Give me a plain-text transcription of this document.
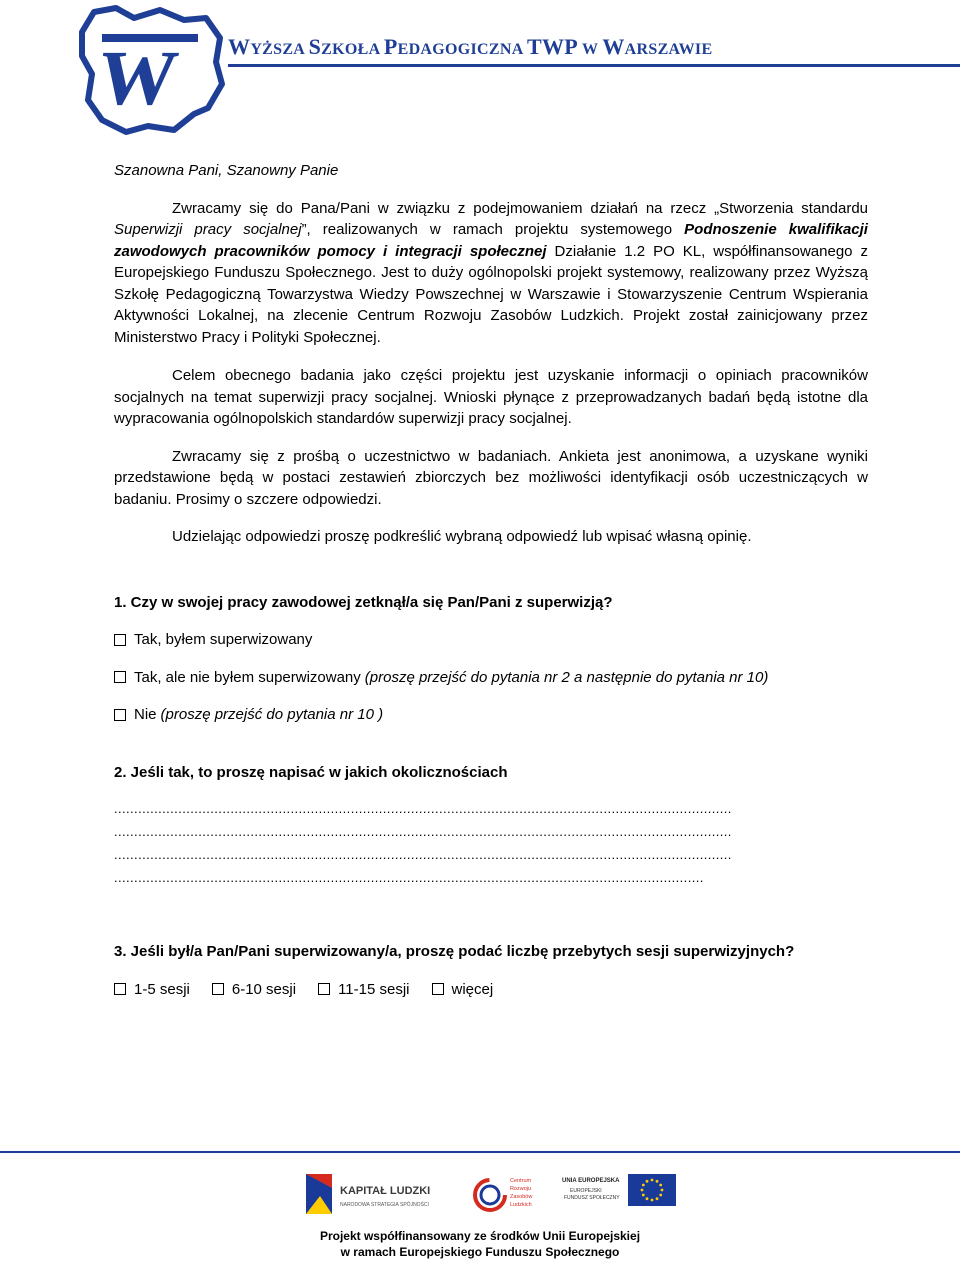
W WYŻSZA SZKOŁA PEDAGOGICZNA TWP W WARSZAWIE

Szanowna Pani, Szanowny Panie

Zwracamy się do Pana/Pani w związku z podejmowaniem działań na rzecz „Stworzenia standardu Superwizji pracy socjalnej”, realizowanych w ramach projektu systemowego Podnoszenie kwalifikacji zawodowych pracowników pomocy i integracji społecznej Działanie 1.2 PO KL, współfinansowanego z Europejskiego Funduszu Społecznego. Jest to duży ogólnopolski projekt systemowy, realizowany przez Wyższą Szkołę Pedagogiczną Towarzystwa Wiedzy Powszechnej w Warszawie i Stowarzyszenie Centrum Wspierania Aktywności Lokalnej, na zlecenie Centrum Rozwoju Zasobów Ludzkich. Projekt został zainicjowany przez Ministerstwo Pracy i Polityki Społecznej.

Celem obecnego badania jako części projektu jest uzyskanie informacji o opiniach pracowników socjalnych na temat superwizji pracy socjalnej. Wnioski płynące z przeprowadzanych badań będą istotne dla wypracowania ogólnopolskich standardów superwizji pracy socjalnej.

Zwracamy się z prośbą o uczestnictwo w badaniach. Ankieta jest anonimowa, a uzyskane wyniki przedstawione będą w postaci zestawień zbiorczych bez możliwości identyfikacji osób uczestniczących w badaniu. Prosimy o szczere odpowiedzi.

Udzielając odpowiedzi proszę podkreślić wybraną odpowiedź lub wpisać własną opinię.

1. Czy w swojej pracy zawodowej zetknął/a się Pan/Pani z superwizją?

Tak, byłem superwizowany
Tak, ale nie byłem superwizowany (proszę przejść do pytania nr 2 a następnie do pytania nr 10)
Nie (proszę przejść do pytania nr 10 )

2. Jeśli tak, to proszę napisać w jakich okolicznościach

..........................................................................................................................................................
..........................................................................................................................................................
..........................................................................................................................................................
...................................................................................................................................................

3. Jeśli był/a Pan/Pani superwizowany/a, proszę podać liczbę przebytych sesji superwizyjnych?

1-5 sesji	6-10 sesji	11-15 sesji	więcej
KAPITAŁ LUDZKI
NARODOWA STRATEGIA SPÓJNOŚCI
Centrum
Rozwoju
Zasobów
Ludzkich
UNIA EUROPEJSKA
EUROPEJSKI
FUNDUSZ SPOŁECZNY
Projekt współfinansowany ze środków Unii Europejskiej
w ramach Europejskiego Funduszu Społecznego
